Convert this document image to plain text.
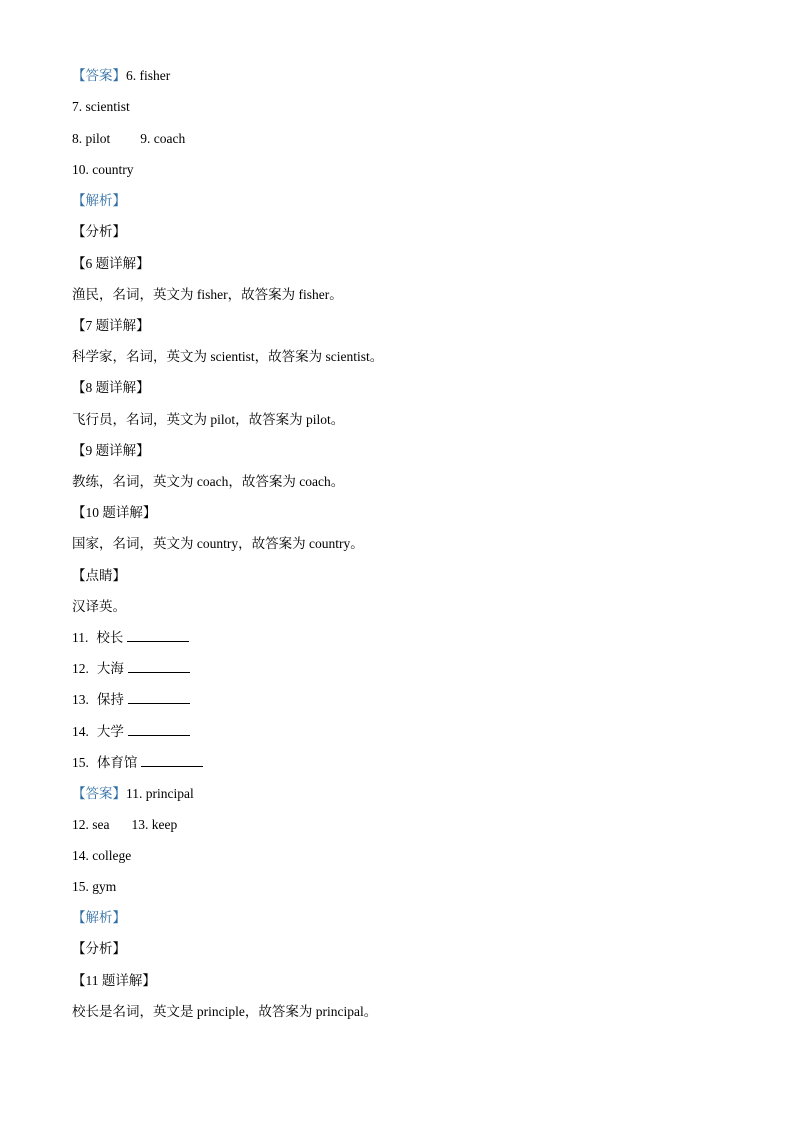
【答案】6. fisher
7. scientist
8. pilot 9. coach
10. country
【解析】
【分析】
【6 题详解】
渔民，名词，英文为 fisher，故答案为 fisher。
【7 题详解】
科学家，名词，英文为 scientist，故答案为 scientist。
【8 题详解】
飞行员，名词，英文为 pilot，故答案为 pilot。
【9 题详解】
教练，名词，英文为 coach，故答案为 coach。
【10 题详解】
国家，名词，英文为 country，故答案为 country。
【点睛】
汉译英。
11. 校长
12. 大海
13. 保持
14. 大学
15. 体育馆
【答案】11. principal
12. sea 13. keep
14. college
15. gym
【解析】
【分析】
【11 题详解】
校长是名词，英文是 principle，故答案为 principal。
